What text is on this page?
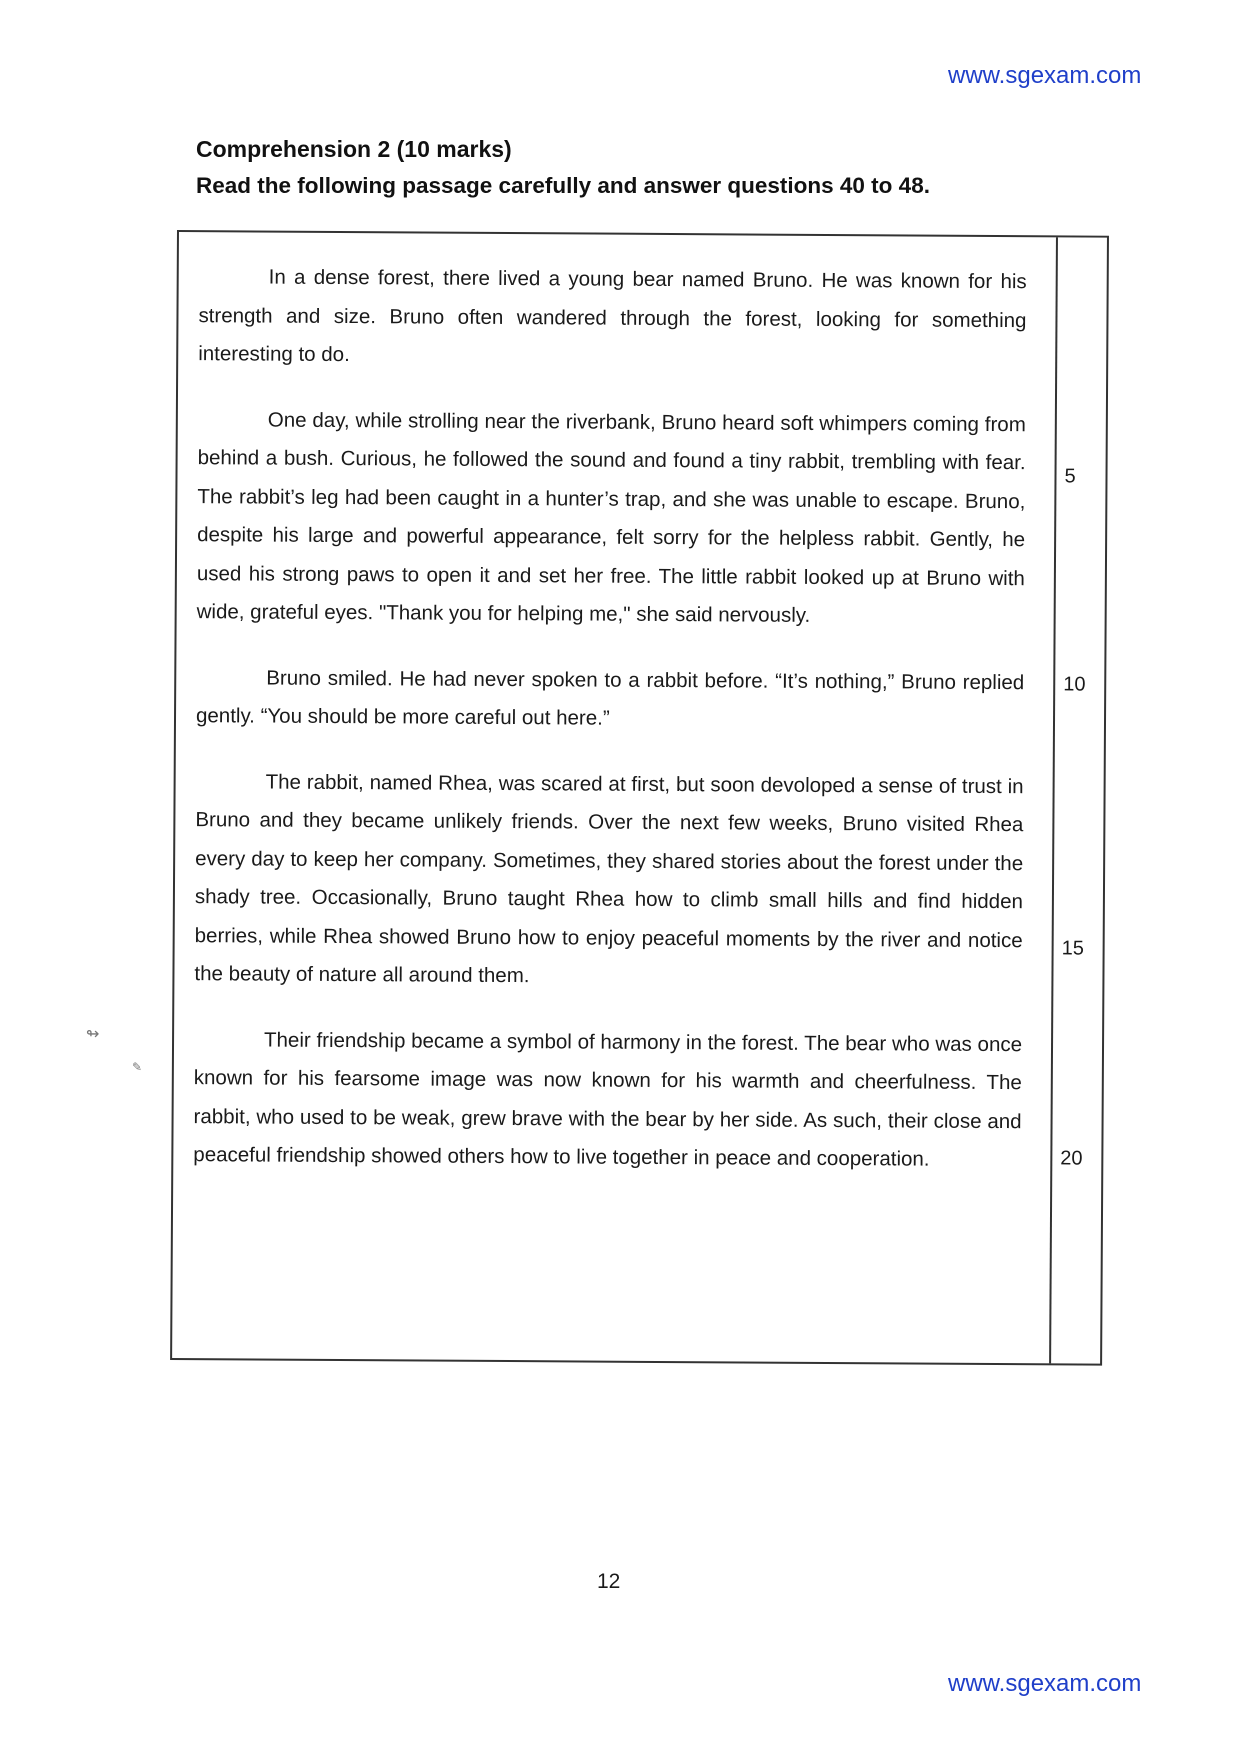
www.sgexam.com
Comprehension 2 (10 marks)
Read the following passage carefully and answer questions 40 to 48.

In a dense forest, there lived a young bear named Bruno. He was known for his strength and size. Bruno often wandered through the forest, looking for something interesting to do.

One day, while strolling near the riverbank, Bruno heard soft whimpers coming from behind a bush. Curious, he followed the sound and found a tiny rabbit, trembling with fear. The rabbit’s leg had been caught in a hunter’s trap, and she was unable to escape. Bruno, despite his large and powerful appearance, felt sorry for the helpless rabbit. Gently, he used his strong paws to open it and set her free. The little rabbit looked up at Bruno with wide, grateful eyes. "Thank you for helping me," she said nervously.

Bruno smiled. He had never spoken to a rabbit before. “It’s nothing,” Bruno replied gently. “You should be more careful out here.”

The rabbit, named Rhea, was scared at first, but soon devoloped a sense of trust in Bruno and they became unlikely friends. Over the next few weeks, Bruno visited Rhea every day to keep her company. Sometimes, they shared stories about the forest under the shady tree. Occasionally, Bruno taught Rhea how to climb small hills and find hidden berries, while Rhea showed Bruno how to enjoy peaceful moments by the river and notice the beauty of nature all around them.

Their friendship became a symbol of harmony in the forest. The bear who was once known for his fearsome image was now known for his warmth and cheerfulness. The rabbit, who used to be weak, grew brave with the bear by her side. As such, their close and peaceful friendship showed others how to live together in peace and cooperation.

5
10
15
20
↬
✎
12
www.sgexam.com
